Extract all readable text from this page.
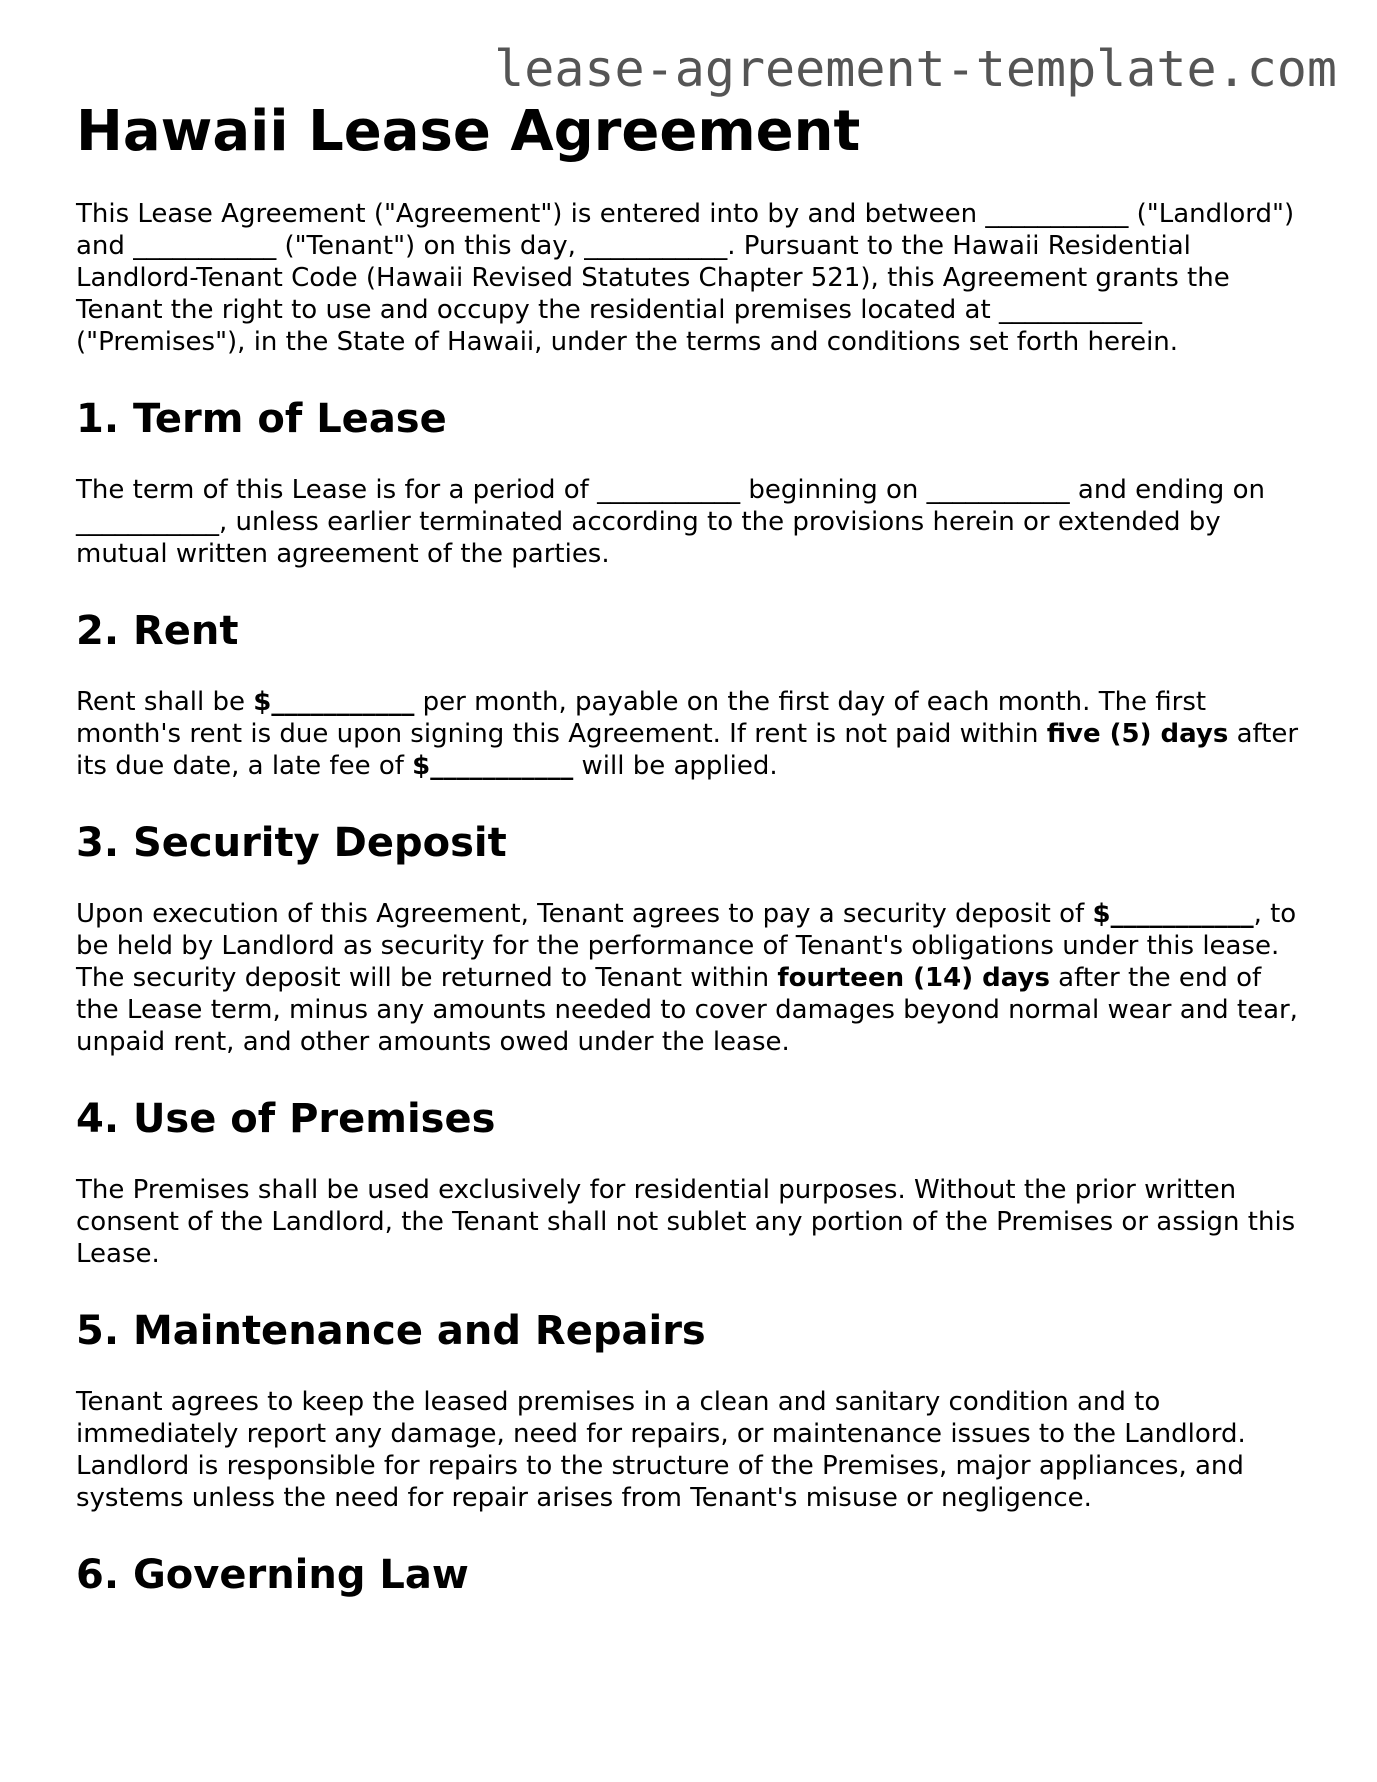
lease-agreement-template.com
Hawaii Lease Agreement

This Lease Agreement ("Agreement") is entered into by and between ___________ ("Landlord") and ___________ ("Tenant") on this day, ___________. Pursuant to the Hawaii Residential Landlord-Tenant Code (Hawaii Revised Statutes Chapter 521), this Agreement grants the Tenant the right to use and occupy the residential premises located at ___________ ("Premises"), in the State of Hawaii, under the terms and conditions set forth herein.

1. Term of Lease

The term of this Lease is for a period of ___________ beginning on ___________ and ending on ___________, unless earlier terminated according to the provisions herein or extended by mutual written agreement of the parties.

2. Rent

Rent shall be $___________ per month, payable on the first day of each month. The first month's rent is due upon signing this Agreement. If rent is not paid within five (5) days after its due date, a late fee of $___________ will be applied.

3. Security Deposit

Upon execution of this Agreement, Tenant agrees to pay a security deposit of $___________, to be held by Landlord as security for the performance of Tenant's obligations under this lease. The security deposit will be returned to Tenant within fourteen (14) days after the end of the Lease term, minus any amounts needed to cover damages beyond normal wear and tear, unpaid rent, and other amounts owed under the lease.

4. Use of Premises

The Premises shall be used exclusively for residential purposes. Without the prior written consent of the Landlord, the Tenant shall not sublet any portion of the Premises or assign this Lease.

5. Maintenance and Repairs

Tenant agrees to keep the leased premises in a clean and sanitary condition and to immediately report any damage, need for repairs, or maintenance issues to the Landlord. Landlord is responsible for repairs to the structure of the Premises, major appliances, and systems unless the need for repair arises from Tenant's misuse or negligence.

6. Governing Law
